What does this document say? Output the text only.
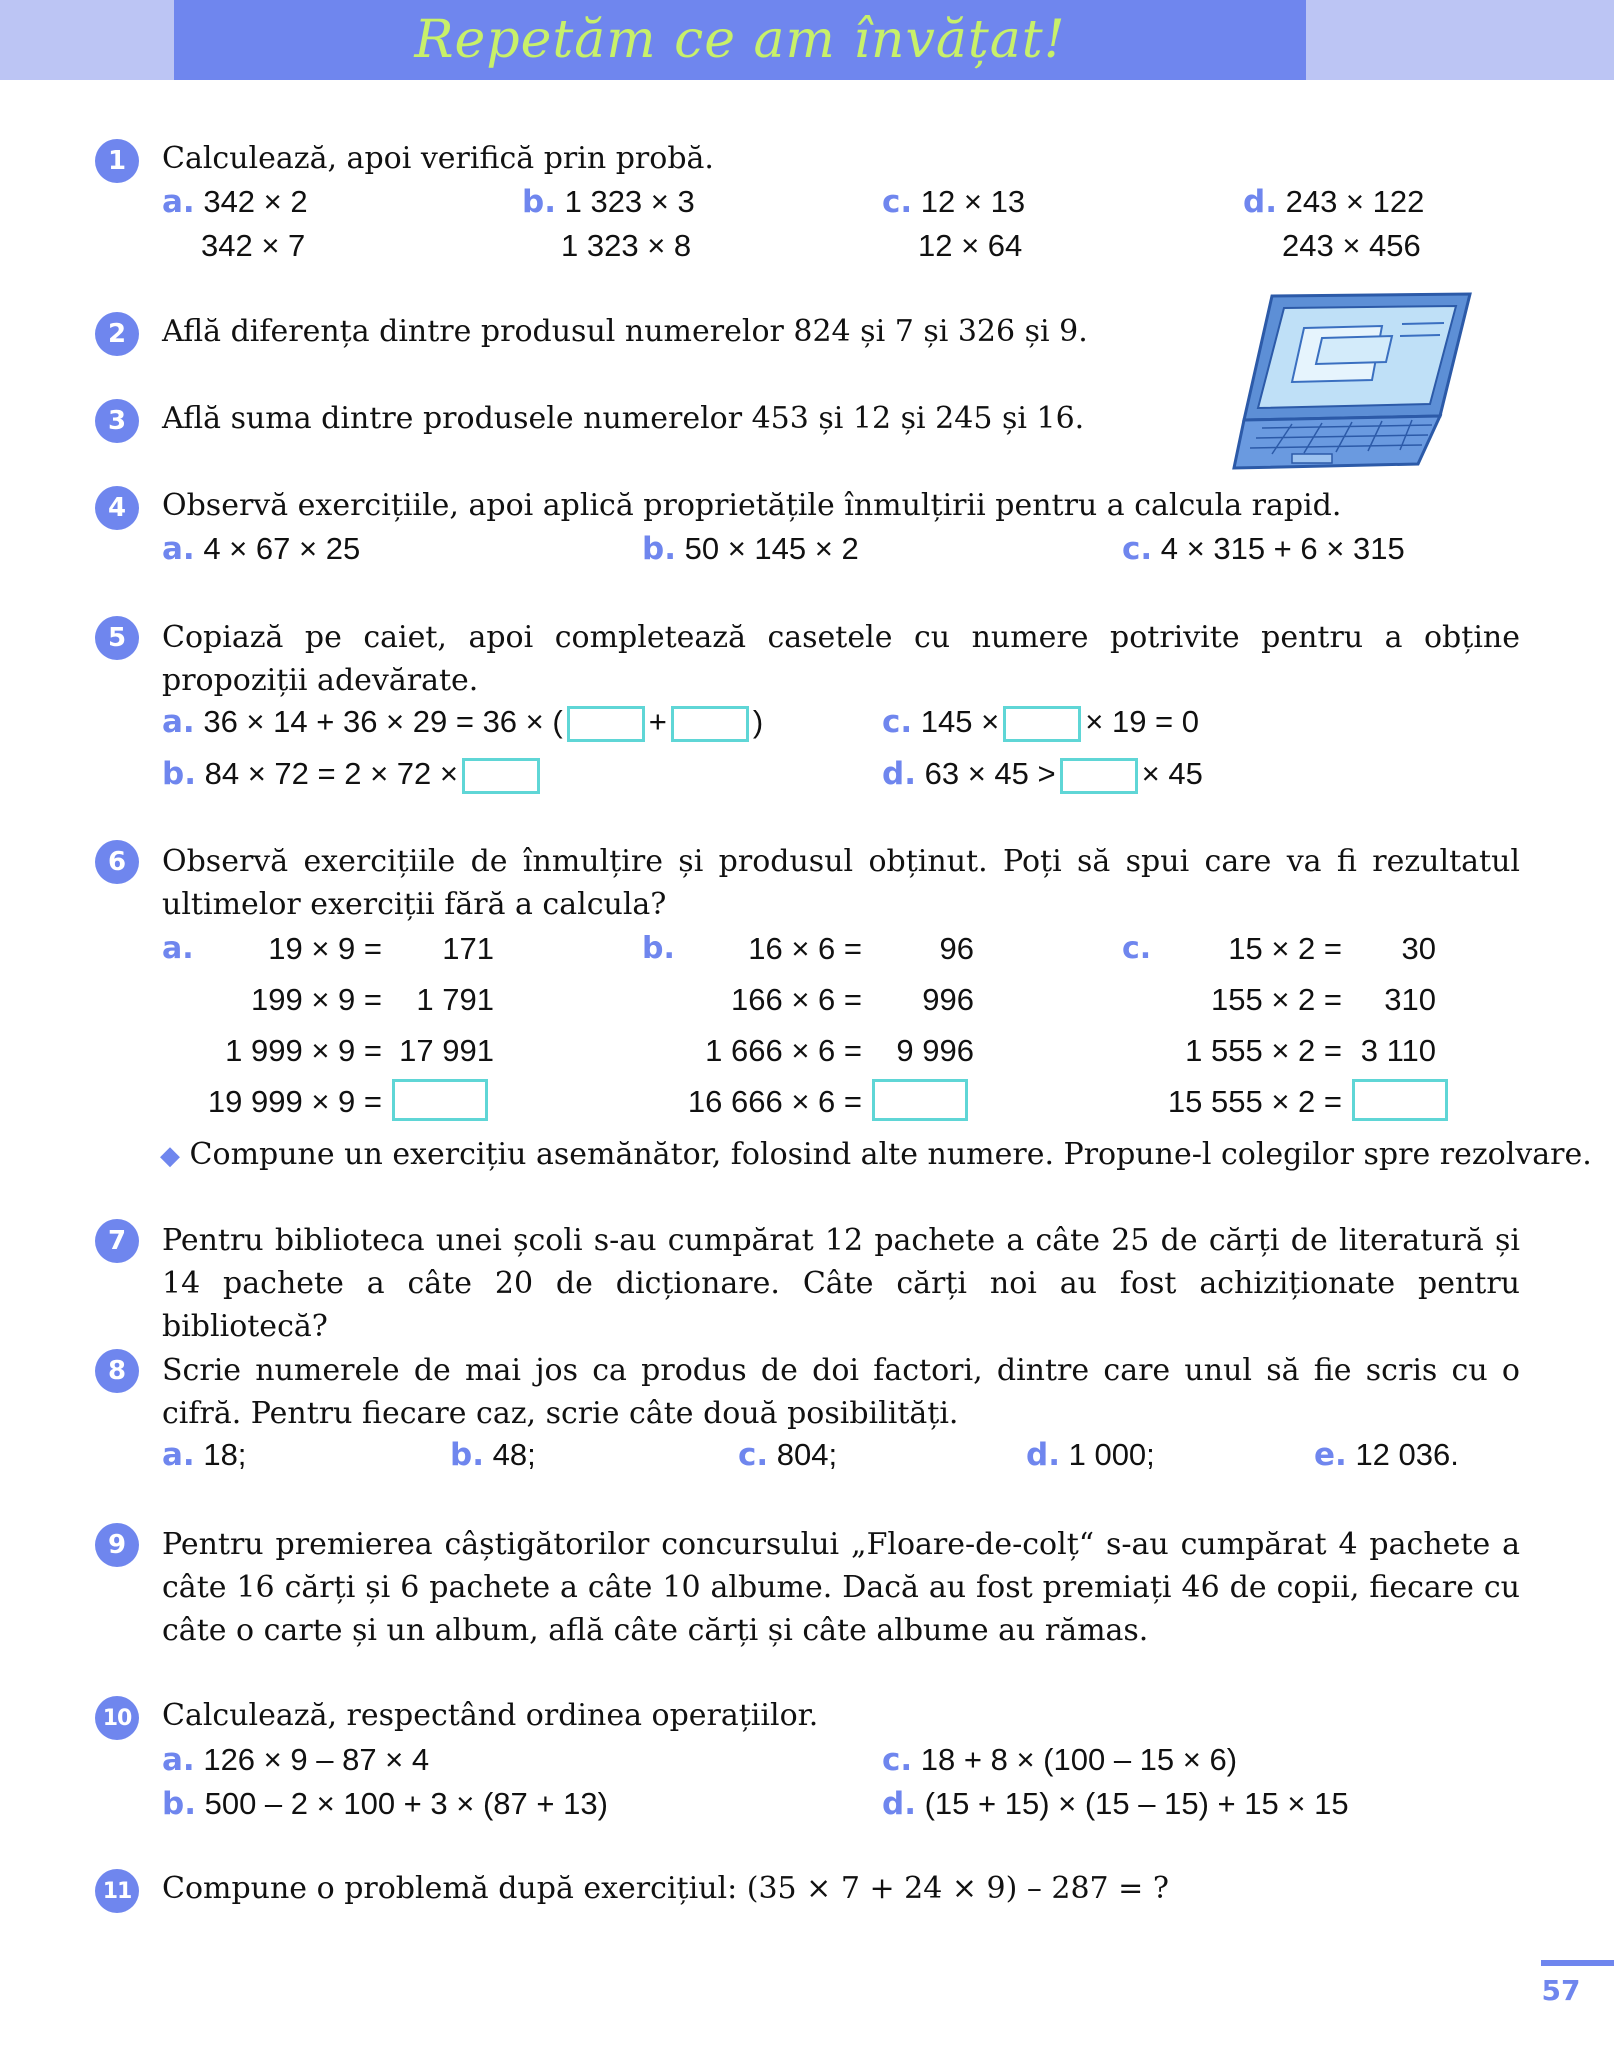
Repetăm ce am învățat!
1	Calculează, apoi verifică prin probă.
a. 342 × 2
342 × 7
b. 1 323 × 3
1 323 × 8
c. 12 × 13
12 × 64
d. 243 × 122
243 × 456
2	Află diferența dintre produsul numerelor 824 și 7 și 326 și 9.
3	Află suma dintre produsele numerelor 453 și 12 și 245 și 16.
4	Observă exercițiile, apoi aplică proprietățile înmulțirii pentru a calcula rapid.
a. 4 × 67 × 25	b. 50 × 145 × 2	c. 4 × 315 + 6 × 315
5	Copiază pe caiet, apoi completează casetele cu numere potrivite pentru a obține propoziții adevărate.
a. 36 × 14 + 36 × 29 = 36 × (	+	)
b. 84 × 72 = 2 × 72 ×
c. 145 ×	× 19 = 0
d. 63 × 45 >	× 45
6	Observă exercițiile de înmulțire și produsul obținut. Poți să spui care va fi rezultatul ultimelor exerciții fără a calcula?
a.	19 × 9 =	171
199 × 9 =	1 791
1 999 × 9 = 17 991
19 999 × 9 =
b.	16 × 6 =	96
166 × 6 =	996
1 666 × 6 =	9 996
16 666 × 6 =
c.	15 × 2 =	30
155 × 2 =	310
1 555 × 2 = 3 110
15 555 × 2 =
◆ Compune un exercițiu asemănător, folosind alte numere. Propune-l colegilor spre rezolvare.
7	Pentru biblioteca unei școli s-au cumpărat 12 pachete a câte 25 de cărți de literatură și 14 pachete a câte 20 de dicționare. Câte cărți noi au fost achiziționate pentru bibliotecă?
8	Scrie numerele de mai jos ca produs de doi factori, dintre care unul să fie scris cu o cifră. Pentru fiecare caz, scrie câte două posibilități.
a. 18;	b. 48;	c. 804;	d. 1 000;	e. 12 036.
9	Pentru premierea câștigătorilor concursului „Floare-de-colț“ s-au cumpărat 4 pachete a câte 16 cărți și 6 pachete a câte 10 albume. Dacă au fost premiați 46 de copii, fiecare cu câte o carte și un album, află câte cărți și câte albume au rămas.
10 Calculează, respectând ordinea operațiilor.
a. 126 × 9 – 87 × 4
b. 500 – 2 × 100 + 3 × (87 + 13)
c. 18 + 8 × (100 – 15 × 6)
d. (15 + 15) × (15 – 15) + 15 × 15
11 Compune o problemă după exercițiul: (35 × 7 + 24 × 9) – 287 = ?
57
